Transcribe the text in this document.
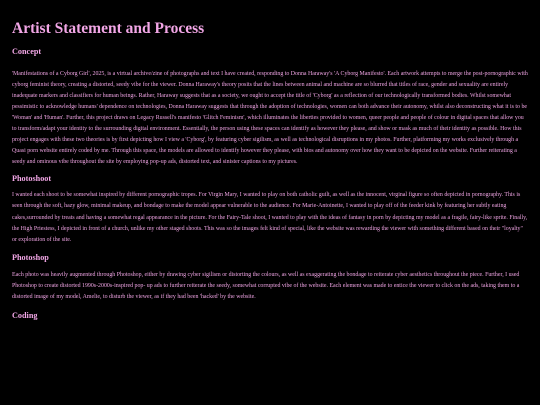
Artist Statement and Process
Concept

'Manifestations of a Cyborg Girl', 2025, is a virtual archive/zine of photographs and text I have created, responding to Donna Haraway's 'A Cyborg Manifesto'. Each artwork attempts to merge the post-pornographic with cyborg feminist theory, creating a distorted, seedy vibe for the viewer. Donna Haraway's theory posits that the lines between animal and machine are so blurred that titles of race, gender and sexuality are entirely inadequate markers and classifiers for human beings. Rather, Haraway suggests that as a society, we ought to accept the title of 'Cyborg' as a reflection of our technologically transformed bodies. Whilst somewhat pessimistic to acknowledge humans' dependence on technologies, Donna Haraway suggests that through the adoption of technologies, women can both advance their autonomy, whilst also deconstructing what it is to be 'Woman' and 'Human'. Further, this project draws on Legacy Russell's manifesto 'Glitch Feminism', which illuminates the liberties provided to women, queer people and people of colour in digital spaces that allow you to transform/adapt your identity to the surrounding digital environment. Essentially, the person using these spaces can identify as however they please, and show or mask as much of their identity as possible. How this project engages with these two theories is by first depicting how I view a 'Cyborg', by featuring cyber sigilism, as well as technological disruptions in my photos. Further, platforming my works exclusively through a Quasi porn website entirely coded by me. Through this space, the models are allowed to identify however they please, with bios and autonomy over how they want to be depicted on the website. Further reiterating a seedy and ominous vibe throughout the site by employing pop-up ads, distorted text, and sinister captions to my pictures.

Photoshoot

I wanted each shoot to be somewhat inspired by different pornographic tropes. For Virgin Mary, I wanted to play on both catholic guilt, as well as the innocent, virginal figure so often depicted in pornography. This is seen through the soft, hazy glow, minimal makeup, and bondage to make the model appear vulnerable to the audience. For Marie-Antoinette, I wanted to play off of the feeder kink by featuring her subtly eating cakes,surrounded by treats and having a somewhat regal appearance in the picture. For the Fairy-Tale shoot, I wanted to play with the ideas of fantasy in porn by depicting my model as a fragile, fairy-like sprite. Finally, the High Priestess, I depicted in front of a church, unlike my other staged shoots. This was so the images felt kind of special, like the website was rewarding the viewer with something different based on their "loyalty" or exploration of the site.

Photoshop

Each photo was heavily augmented through Photoshop, either by drawing cyber sigilism or distorting the colours, as well as exaggerating the bondage to reiterate cyber aesthetics throughout the piece. Further, I used Photoshop to create distorted 1990s-2000s-inspired pop- up ads to further reiterate the seedy, somewhat corrupted vibe of the website. Each element was made to entice the viewer to click on the ads, taking them to a distorted image of my model, Amelie, to disturb the viewer, as if they had been 'hacked' by the website.

Coding
